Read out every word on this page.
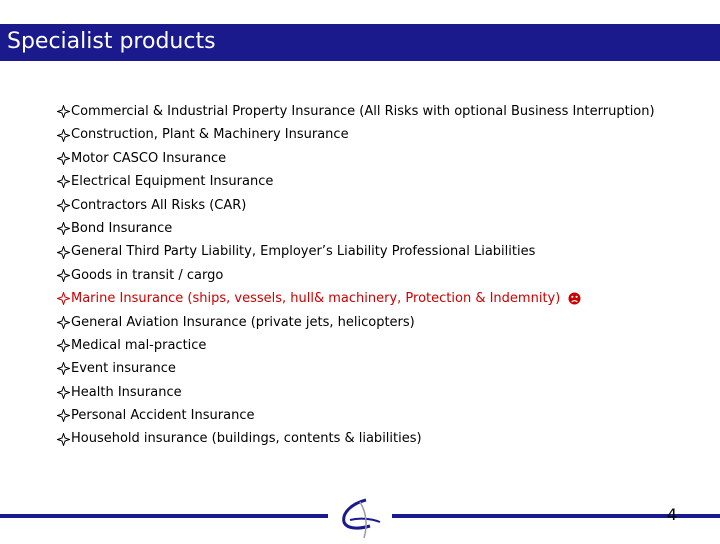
Specialist products
Commercial & Industrial Property Insurance (All Risks with optional Business Interruption)
Construction, Plant & Machinery Insurance
Motor CASCO Insurance
Electrical Equipment Insurance
Contractors All Risks (CAR)
Bond Insurance
General Third Party Liability, Employer’s Liability Professional Liabilities
Goods in transit / cargo
Marine Insurance (ships, vessels, hull& machinery, Protection & Indemnity)
General Aviation Insurance (private jets, helicopters)
Medical mal-practice
Event insurance
Health Insurance
Personal Accident Insurance
Household insurance (buildings, contents & liabilities)
4
